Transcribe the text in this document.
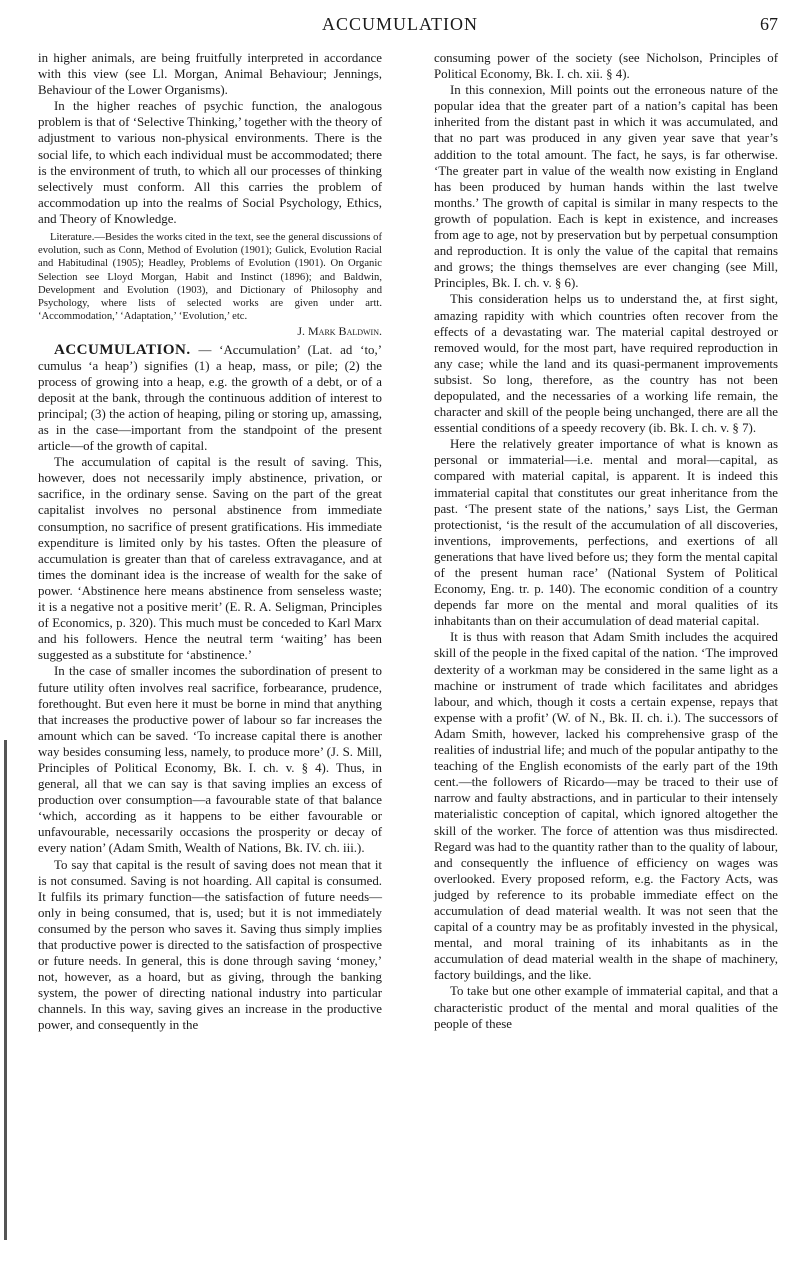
ACCUMULATION	67

in higher animals, are being fruitfully interpreted in accordance with this view (see Ll. Morgan, Animal Behaviour; Jennings, Behaviour of the Lower Organisms).

In the higher reaches of psychic function, the analogous problem is that of ‘Selective Thinking,’ together with the theory of adjustment to various non-physical environments. There is the social life, to which each individual must be accommodated; there is the environment of truth, to which all our processes of thinking selectively must conform. All this carries the problem of accommodation up into the realms of Social Psychology, Ethics, and Theory of Knowledge.

Literature.—Besides the works cited in the text, see the general discussions of evolution, such as Conn, Method of Evolution (1901); Gulick, Evolution Racial and Habitudinal (1905); Headley, Problems of Evolution (1901). On Organic Selection see Lloyd Morgan, Habit and Instinct (1896); and Baldwin, Development and Evolution (1903), and Dictionary of Philosophy and Psychology, where lists of selected works are given under artt. ‘Accommodation,’ ‘Adaptation,’ ‘Evolution,’ etc.

J. Mark Baldwin.

ACCUMULATION. — ‘Accumulation’ (Lat. ad ‘to,’ cumulus ‘a heap’) signifies (1) a heap, mass, or pile; (2) the process of growing into a heap, e.g. the growth of a debt, or of a deposit at the bank, through the continuous addition of interest to principal; (3) the action of heaping, piling or storing up, amassing, as in the case—important from the standpoint of the present article—of the growth of capital.

The accumulation of capital is the result of saving. This, however, does not necessarily imply abstinence, privation, or sacrifice, in the ordinary sense. Saving on the part of the great capitalist involves no personal abstinence from immediate consumption, no sacrifice of present gratifications. His immediate expenditure is limited only by his tastes. Often the pleasure of accumulation is greater than that of careless extravagance, and at times the dominant idea is the increase of wealth for the sake of power. ‘Abstinence here means abstinence from senseless waste; it is a negative not a positive merit’ (E. R. A. Seligman, Principles of Economics, p. 320). This much must be conceded to Karl Marx and his followers. Hence the neutral term ‘waiting’ has been suggested as a substitute for ‘abstinence.’

In the case of smaller incomes the subordination of present to future utility often involves real sacrifice, forbearance, prudence, forethought. But even here it must be borne in mind that anything that increases the productive power of labour so far increases the amount which can be saved. ‘To increase capital there is another way besides consuming less, namely, to produce more’ (J. S. Mill, Principles of Political Economy, Bk. I. ch. v. § 4). Thus, in general, all that we can say is that saving implies an excess of production over consumption—a favourable state of that balance ‘which, according as it happens to be either favourable or unfavourable, necessarily occasions the prosperity or decay of every nation’ (Adam Smith, Wealth of Nations, Bk. IV. ch. iii.).

To say that capital is the result of saving does not mean that it is not consumed. Saving is not hoarding. All capital is consumed. It fulfils its primary function—the satisfaction of future needs—only in being consumed, that is, used; but it is not immediately consumed by the person who saves it. Saving thus simply implies that productive power is directed to the satisfaction of prospective or future needs. In general, this is done through saving ‘money,’ not, however, as a hoard, but as giving, through the banking system, the power of directing national industry into particular channels. In this way, saving gives an increase in the productive power, and consequently in the

consuming power of the society (see Nicholson, Principles of Political Economy, Bk. I. ch. xii. § 4).

In this connexion, Mill points out the erroneous nature of the popular idea that the greater part of a nation’s capital has been inherited from the distant past in which it was accumulated, and that no part was produced in any given year save that year’s addition to the total amount. The fact, he says, is far otherwise. ‘The greater part in value of the wealth now existing in England has been produced by human hands within the last twelve months.’ The growth of capital is similar in many respects to the growth of population. Each is kept in existence, and increases from age to age, not by preservation but by perpetual consumption and reproduction. It is only the value of the capital that remains and grows; the things themselves are ever changing (see Mill, Principles, Bk. I. ch. v. § 6).

This consideration helps us to understand the, at first sight, amazing rapidity with which countries often recover from the effects of a devastating war. The material capital destroyed or removed would, for the most part, have required reproduction in any case; while the land and its quasi-permanent improvements subsist. So long, therefore, as the country has not been depopulated, and the necessaries of a working life remain, the character and skill of the people being unchanged, there are all the essential conditions of a speedy recovery (ib. Bk. I. ch. v. § 7).

Here the relatively greater importance of what is known as personal or immaterial—i.e. mental and moral—capital, as compared with material capital, is apparent. It is indeed this immaterial capital that constitutes our great inheritance from the past. ‘The present state of the nations,’ says List, the German protectionist, ‘is the result of the accumulation of all discoveries, inventions, improvements, perfections, and exertions of all generations that have lived before us; they form the mental capital of the present human race’ (National System of Political Economy, Eng. tr. p. 140). The economic condition of a country depends far more on the mental and moral qualities of its inhabitants than on their accumulation of dead material capital.

It is thus with reason that Adam Smith includes the acquired skill of the people in the fixed capital of the nation. ‘The improved dexterity of a workman may be considered in the same light as a machine or instrument of trade which facilitates and abridges labour, and which, though it costs a certain expense, repays that expense with a profit’ (W. of N., Bk. II. ch. i.). The successors of Adam Smith, however, lacked his comprehensive grasp of the realities of industrial life; and much of the popular antipathy to the teaching of the English economists of the early part of the 19th cent.—the followers of Ricardo—may be traced to their use of narrow and faulty abstractions, and in particular to their intensely materialistic conception of capital, which ignored altogether the skill of the worker. The force of attention was thus misdirected. Regard was had to the quantity rather than to the quality of labour, and consequently the influence of efficiency on wages was overlooked. Every proposed reform, e.g. the Factory Acts, was judged by reference to its probable immediate effect on the accumulation of dead material wealth. It was not seen that the capital of a country may be as profitably invested in the physical, mental, and moral training of its inhabitants as in the accumulation of dead material wealth in the shape of machinery, factory buildings, and the like.

To take but one other example of immaterial capital, and that a characteristic product of the mental and moral qualities of the people of these
